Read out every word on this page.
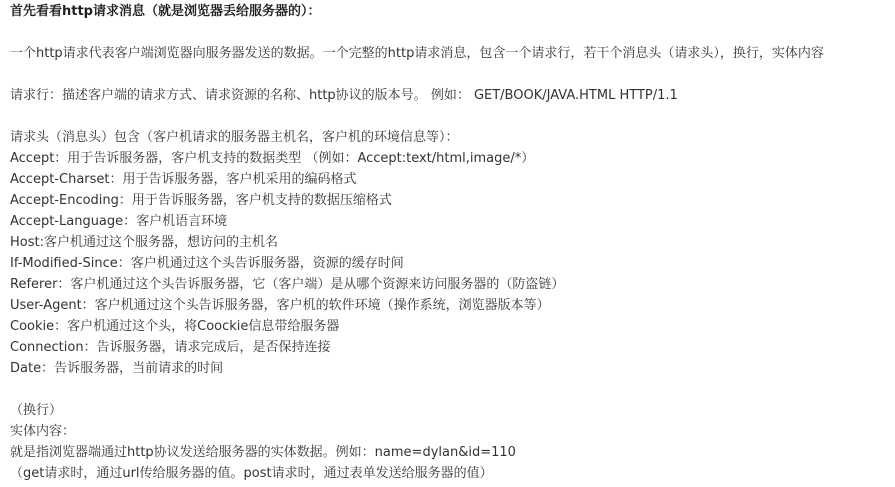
首先看看http请求消息（就是浏览器丢给服务器的）：
一个http请求代表客户端浏览器向服务器发送的数据。一个完整的http请求消息，包含一个请求行，若干个消息头（请求头），换行，实体内容
请求行：描述客户端的请求方式、请求资源的名称、http协议的版本号。 例如： GET/BOOK/JAVA.HTML HTTP/1.1
请求头（消息头）包含（客户机请求的服务器主机名，客户机的环境信息等）：
Accept：用于告诉服务器，客户机支持的数据类型 （例如：Accept:text/html,image/*）
Accept-Charset：用于告诉服务器，客户机采用的编码格式
Accept-Encoding：用于告诉服务器，客户机支持的数据压缩格式
Accept-Language：客户机语言环境
Host:客户机通过这个服务器，想访问的主机名
If-Modified-Since：客户机通过这个头告诉服务器，资源的缓存时间
Referer：客户机通过这个头告诉服务器，它（客户端）是从哪个资源来访问服务器的（防盗链）
User-Agent：客户机通过这个头告诉服务器，客户机的软件环境（操作系统，浏览器版本等）
Cookie：客户机通过这个头，将Coockie信息带给服务器
Connection：告诉服务器，请求完成后，是否保持连接
Date：告诉服务器，当前请求的时间
（换行）
实体内容：
就是指浏览器端通过http协议发送给服务器的实体数据。例如：name=dylan&id=110
（get请求时，通过url传给服务器的值。post请求时，通过表单发送给服务器的值）
